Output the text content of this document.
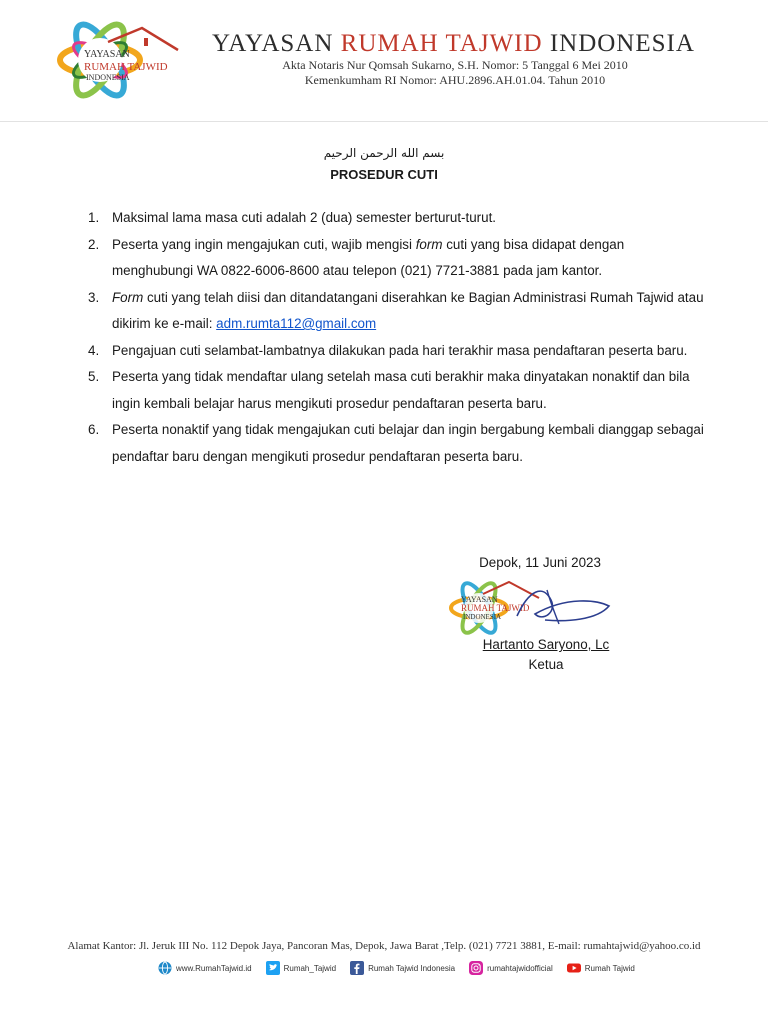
YAYASAN
RUMAH TAJWID
INDONESIA
YAYASAN RUMAH TAJWID INDONESIA
Akta Notaris Nur Qomsah Sukarno, S.H. Nomor: 5 Tanggal 6 Mei 2010
Kemenkumham RI Nomor: AHU.2896.AH.01.04. Tahun 2010
بسم الله الرحمن الرحيم
PROSEDUR CUTI
1. Maksimal lama masa cuti adalah 2 (dua) semester berturut-turut.
2. Peserta yang ingin mengajukan cuti, wajib mengisi form cuti yang bisa didapat dengan menghubungi WA 0822-6006-8600 atau telepon (021) 7721-3881 pada jam kantor.
3. Form cuti yang telah diisi dan ditandatangani diserahkan ke Bagian Administrasi Rumah Tajwid atau dikirim ke e-mail: adm.rumta112@gmail.com
4. Pengajuan cuti selambat-lambatnya dilakukan pada hari terakhir masa pendaftaran peserta baru.
5. Peserta yang tidak mendaftar ulang setelah masa cuti berakhir maka dinyatakan nonaktif dan bila ingin kembali belajar harus mengikuti prosedur pendaftaran peserta baru.
6. Peserta nonaktif yang tidak mengajukan cuti belajar dan ingin bergabung kembali dianggap sebagai pendaftar baru dengan mengikuti prosedur pendaftaran peserta baru.
Depok, 11 Juni 2023
YAYASAN
RUMAH TAJWID
INDONESIA
Hartanto Saryono, Lc
Ketua
Alamat Kantor: Jl. Jeruk III No. 112 Depok Jaya, Pancoran Mas, Depok, Jawa Barat ,Telp. (021) 7721 3881, E-mail: rumahtajwid@yahoo.co.id
www.RumahTajwid.id	Rumah_Tajwid	Rumah Tajwid Indonesia	rumahtajwidofficial	Rumah Tajwid
